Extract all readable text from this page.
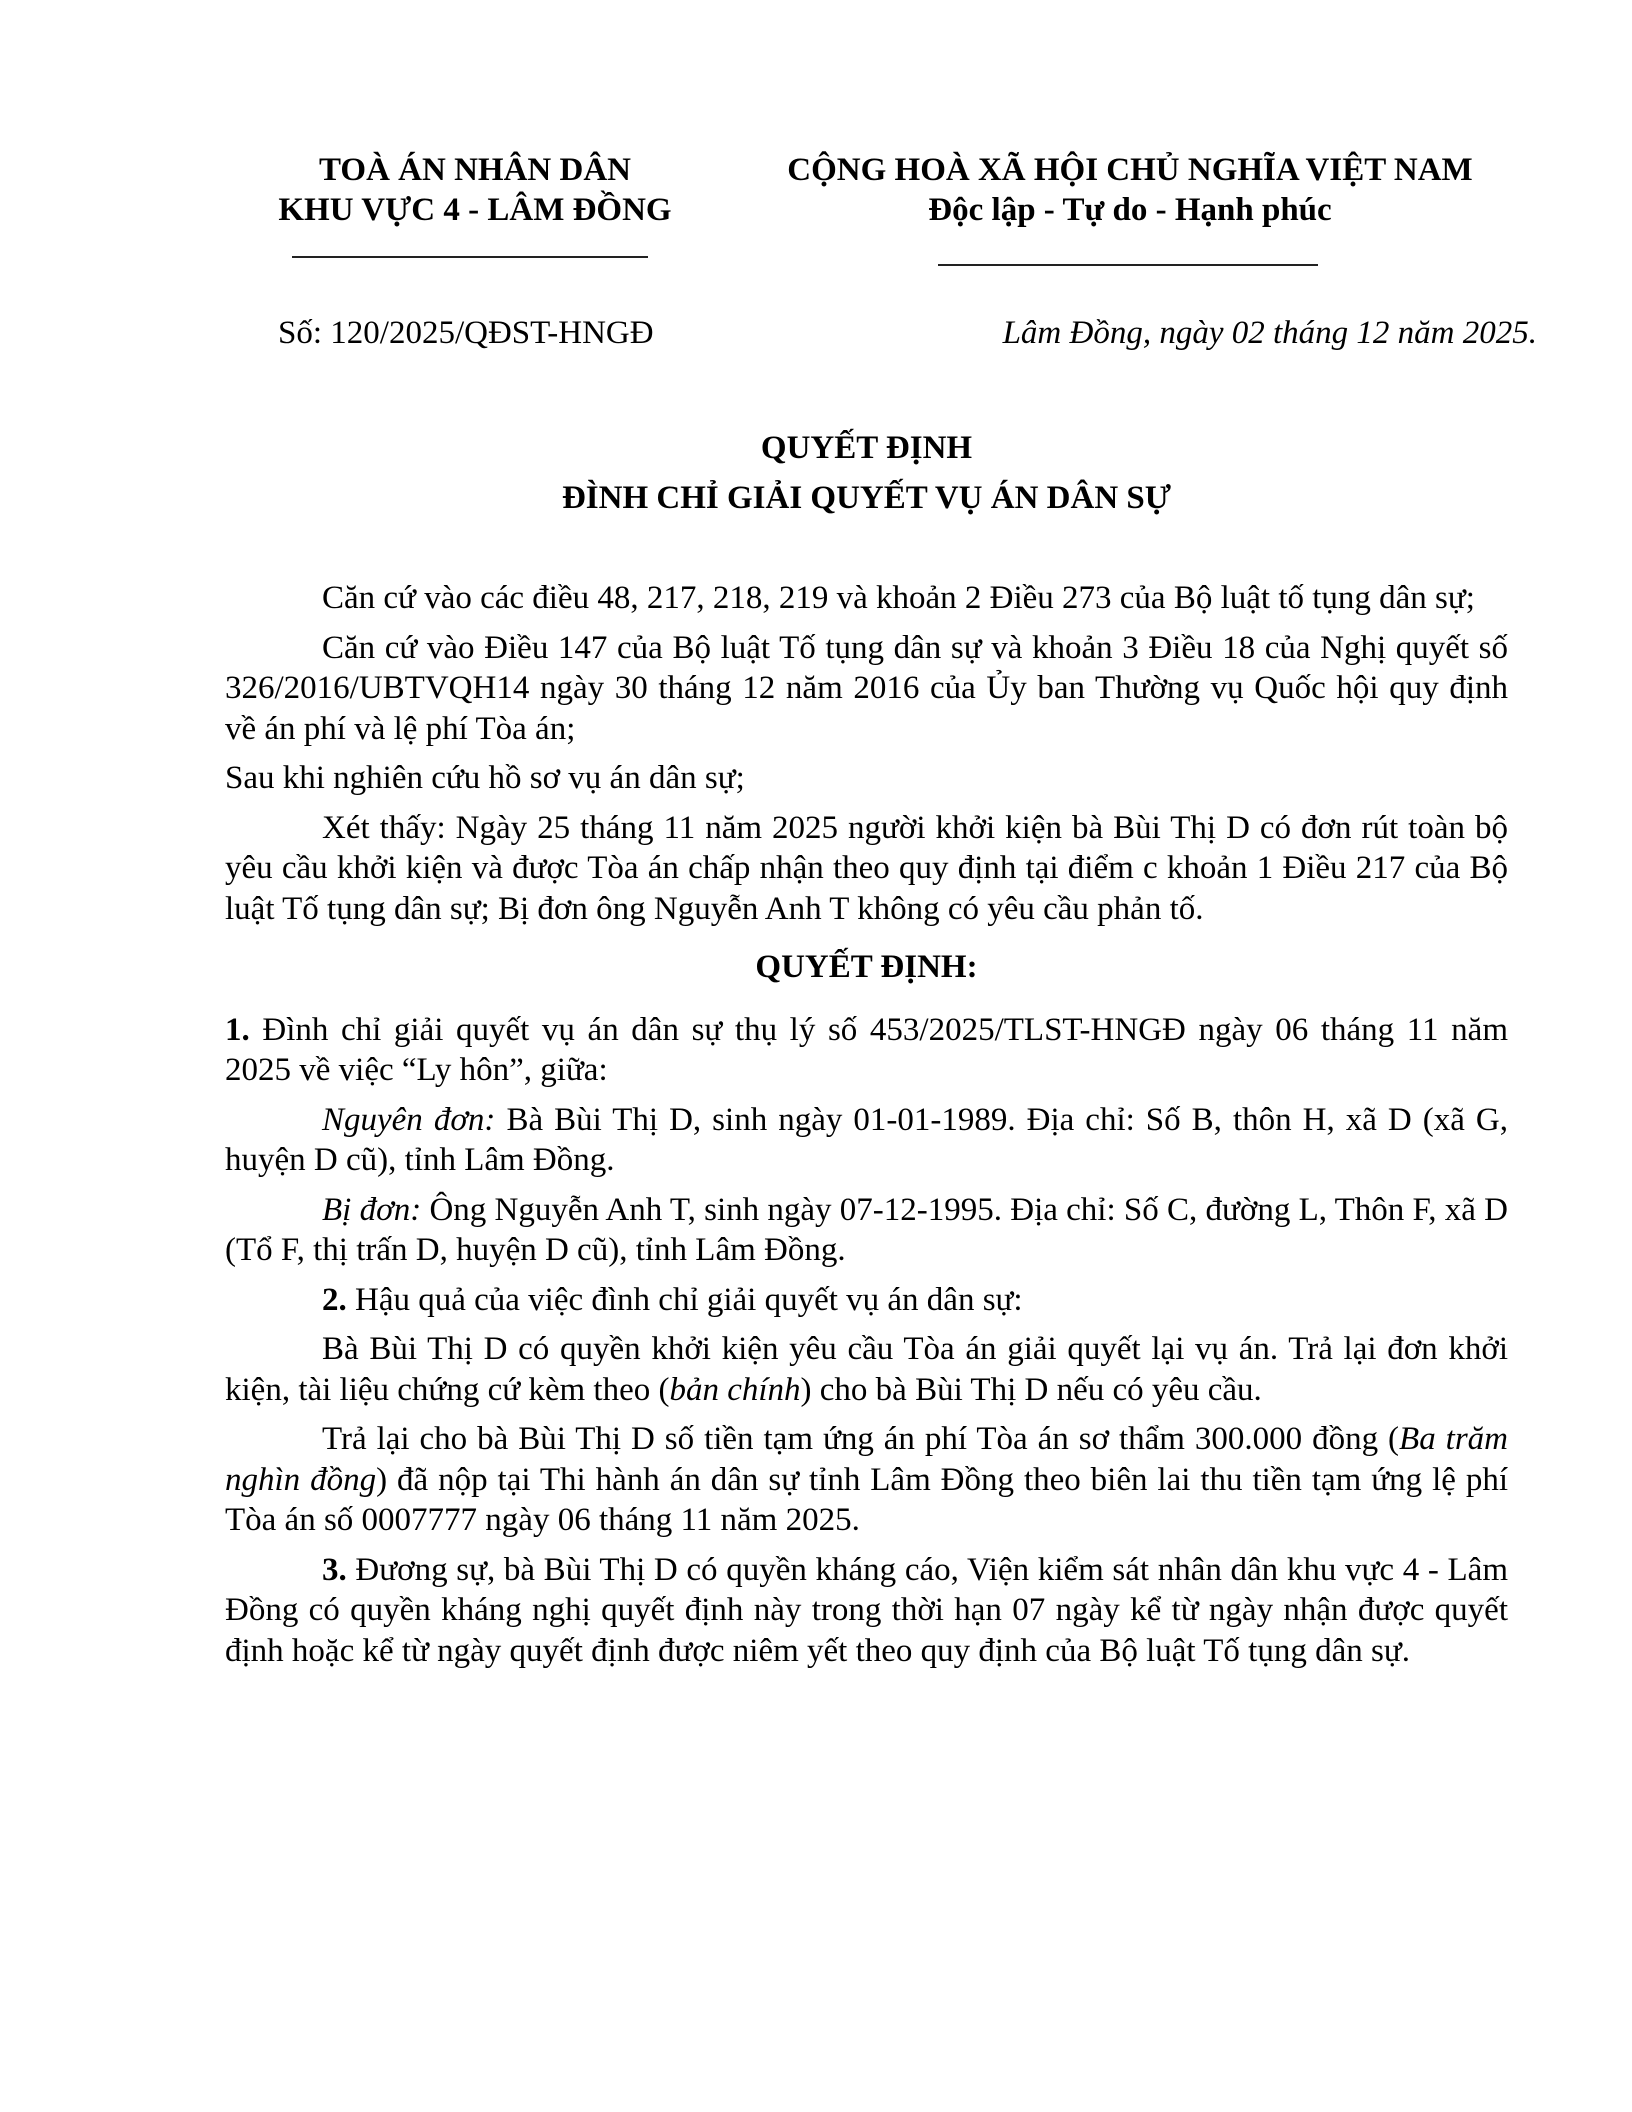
TOÀ ÁN NHÂN DÂN
KHU VỰC 4 - LÂM ĐỒNG
CỘNG HOÀ XÃ HỘI CHỦ NGHĨA VIỆT NAM
Độc lập - Tự do - Hạnh phúc
Số: 120/2025/QĐST-HNGĐ	Lâm Đồng, ngày 02 tháng 12 năm 2025.
QUYẾT ĐỊNH
ĐÌNH CHỈ GIẢI QUYẾT VỤ ÁN DÂN SỰ

Căn cứ vào các điều 48, 217, 218, 219 và khoản 2 Điều 273 của Bộ luật tố tụng dân sự;

Căn cứ vào Điều 147 của Bộ luật Tố tụng dân sự và khoản 3 Điều 18 của Nghị quyết số 326/2016/UBTVQH14 ngày 30 tháng 12 năm 2016 của Ủy ban Thường vụ Quốc hội quy định về án phí và lệ phí Tòa án;

Sau khi nghiên cứu hồ sơ vụ án dân sự;

Xét thấy: Ngày 25 tháng 11 năm 2025 người khởi kiện bà Bùi Thị D có đơn rút toàn bộ yêu cầu khởi kiện và được Tòa án chấp nhận theo quy định tại điểm c khoản 1 Điều 217 của Bộ luật Tố tụng dân sự; Bị đơn ông Nguyễn Anh T không có yêu cầu phản tố.

QUYẾT ĐỊNH:

1. Đình chỉ giải quyết vụ án dân sự thụ lý số 453/2025/TLST-HNGĐ ngày 06 tháng 11 năm 2025 về việc “Ly hôn”, giữa:

Nguyên đơn: Bà Bùi Thị D, sinh ngày 01-01-1989. Địa chỉ: Số B, thôn H, xã D (xã G, huyện D cũ), tỉnh Lâm Đồng.

Bị đơn: Ông Nguyễn Anh T, sinh ngày 07-12-1995. Địa chỉ: Số C, đường L, Thôn F, xã D (Tổ F, thị trấn D, huyện D cũ), tỉnh Lâm Đồng.

2. Hậu quả của việc đình chỉ giải quyết vụ án dân sự:

Bà Bùi Thị D có quyền khởi kiện yêu cầu Tòa án giải quyết lại vụ án. Trả lại đơn khởi kiện, tài liệu chứng cứ kèm theo (bản chính) cho bà Bùi Thị D nếu có yêu cầu.

Trả lại cho bà Bùi Thị D số tiền tạm ứng án phí Tòa án sơ thẩm 300.000 đồng (Ba trăm nghìn đồng) đã nộp tại Thi hành án dân sự tỉnh Lâm Đồng theo biên lai thu tiền tạm ứng lệ phí Tòa án số 0007777 ngày 06 tháng 11 năm 2025.

3. Đương sự, bà Bùi Thị D có quyền kháng cáo, Viện kiểm sát nhân dân khu vực 4 - Lâm Đồng có quyền kháng nghị quyết định này trong thời hạn 07 ngày kể từ ngày nhận được quyết định hoặc kể từ ngày quyết định được niêm yết theo quy định của Bộ luật Tố tụng dân sự.
